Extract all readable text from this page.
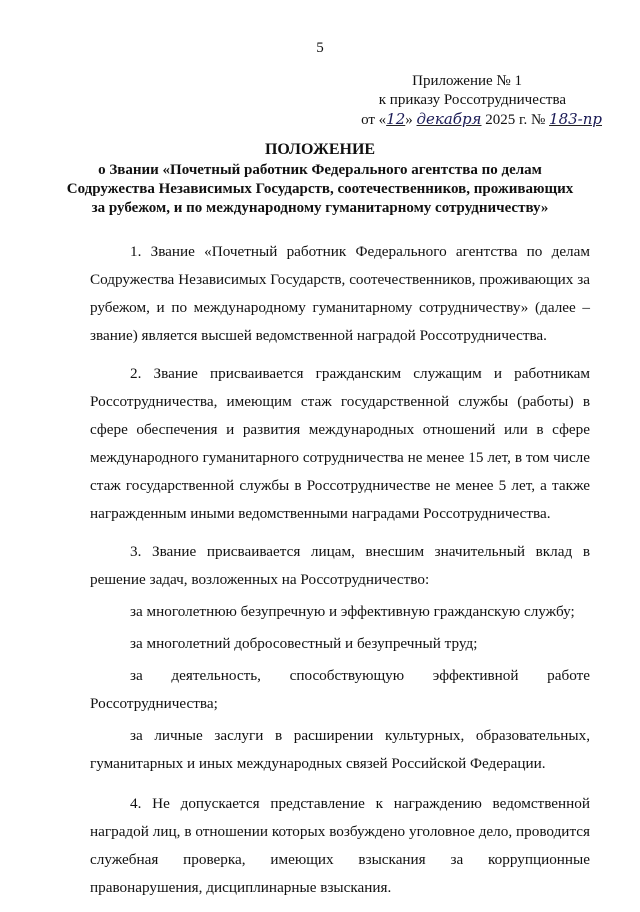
5
Приложение № 1
к приказу Россотрудничества
от «12» декабря 2025 г. № 183-пр
ПОЛОЖЕНИЕ
о Звании «Почетный работник Федерального агентства по делам Содружества Независимых Государств, соотечественников, проживающих за рубежом, и по международному гуманитарному сотрудничеству»

1. Звание «Почетный работник Федерального агентства по делам Содружества Независимых Государств, соотечественников, проживающих за рубежом, и по международному гуманитарному сотрудничеству» (далее – звание) является высшей ведомственной наградой Россотрудничества.

2. Звание присваивается гражданским служащим и работникам Россотрудничества, имеющим стаж государственной службы (работы) в сфере обеспечения и развития международных отношений или в сфере международного гуманитарного сотрудничества не менее 15 лет, в том числе стаж государственной службы в Россотрудничестве не менее 5 лет, а также награжденным иными ведомственными наградами Россотрудничества.

3. Звание присваивается лицам, внесшим значительный вклад в решение задач, возложенных на Россотрудничество:

за многолетнюю безупречную и эффективную гражданскую службу;

за многолетний добросовестный и безупречный труд;

за деятельность, способствующую эффективной работе Россотрудничества;

за личные заслуги в расширении культурных, образовательных, гуманитарных и иных международных связей Российской Федерации.

4. Не допускается представление к награждению ведомственной наградой лиц, в отношении которых возбуждено уголовное дело, проводится служебная проверка, имеющих взыскания за коррупционные правонарушения, дисциплинарные взыскания.
